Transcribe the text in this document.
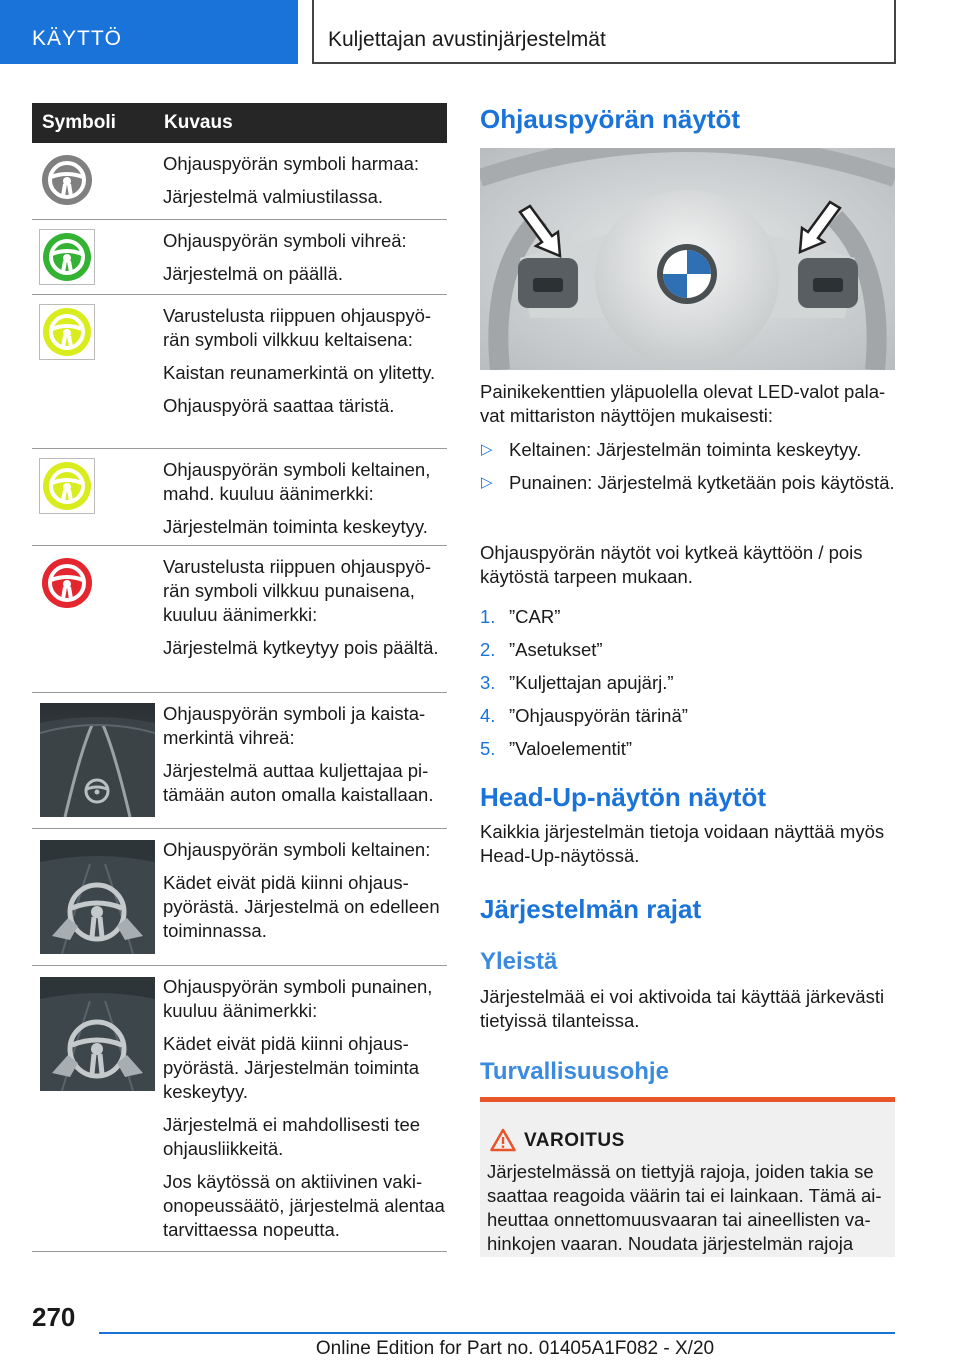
KÄYTTÖ	Kuljettajan avustinjärjestelmät
Symboli	Kuvaus

Ohjauspyörän symboli harmaa:

Järjestelmä valmiustilassa.

Ohjauspyörän symboli vihreä:

Järjestelmä on päällä.

Varustelusta riippuen ohjauspyörän symboli vilkkuu keltaisena:

Kaistan reunamerkintä on ylitetty.

Ohjauspyörä saattaa täristä.

Ohjauspyörän symboli keltainen, mahd. kuuluu äänimerkki:

Järjestelmän toiminta keskeytyy.

Varustelusta riippuen ohjauspyörän symboli vilkkuu punaisena, kuuluu äänimerkki:

Järjestelmä kytkeytyy pois päältä.

Ohjauspyörän symboli ja kaistamerkintä vihreä:

Järjestelmä auttaa kuljettajaa pitämään auton omalla kaistallaan.

Ohjauspyörän symboli keltainen:

Kädet eivät pidä kiinni ohjauspyörästä. Järjestelmä on edelleen toiminnassa.

Ohjauspyörän symboli punainen, kuuluu äänimerkki:

Kädet eivät pidä kiinni ohjauspyörästä. Järjestelmän toiminta keskeytyy.

Järjestelmä ei mahdollisesti tee ohjausliikkeitä.

Jos käytössä on aktiivinen vakionopeussäätö, järjestelmä alentaa tarvittaessa nopeutta.

Ohjauspyörän näytöt
Painikekenttien yläpuolella olevat LED-valot palavat mittariston näyttöjen mukaisesti:
▷ Keltainen: Järjestelmän toiminta keskeytyy.
▷ Punainen: Järjestelmä kytketään pois käytöstä.
Ohjauspyörän näytöt voi kytkeä käyttöön / pois käytöstä tarpeen mukaan.
1. ”CAR”
2. ”Asetukset”
3. ”Kuljettajan apujärj.”
4. ”Ohjauspyörän tärinä”
5. ”Valoelementit”
Head-Up-näytön näytöt
Kaikkia järjestelmän tietoja voidaan näyttää myös Head-Up-näytössä.
Järjestelmän rajat
Yleistä
Järjestelmää ei voi aktivoida tai käyttää järkevästi tietyissä tilanteissa.
Turvallisuusohje
VAROITUS
Järjestelmässä on tiettyjä rajoja, joiden takia se saattaa reagoida väärin tai ei lainkaan. Tämä aiheuttaa onnettomuusvaaran tai aineellisten vahinkojen vaaran. Noudata järjestelmän rajoja
270
Online Edition for Part no. 01405A1F082 - X/20
